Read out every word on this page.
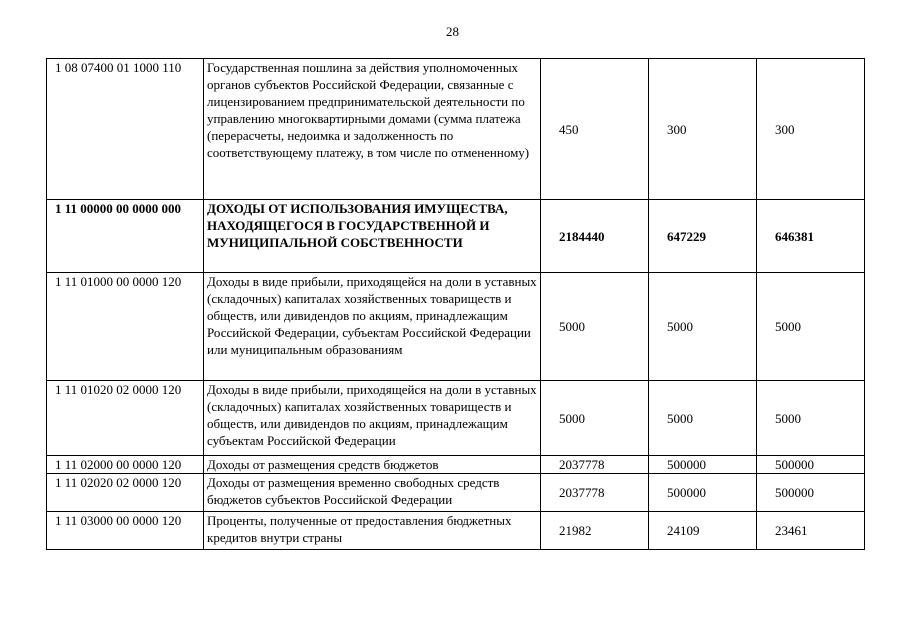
28
1 08 07400 01 1000 110	Государственная пошлина за действия уполномоченных органов субъектов Российской Федерации, связанные с лицензированием предпринимательской деятельности по управлению многоквартирными домами (сумма платежа (перерасчеты, недоимка и задолженность по соответствующему платежу, в том числе по отмененному)	450	300	300
1 11 00000 00 0000 000	ДОХОДЫ ОТ ИСПОЛЬЗОВАНИЯ ИМУЩЕСТВА, НАХОДЯЩЕГОСЯ В ГОСУДАРСТВЕННОЙ И МУНИЦИПАЛЬНОЙ СОБСТВЕННОСТИ	2184440	647229	646381
1 11 01000 00 0000 120	Доходы в виде прибыли, приходящейся на доли в уставных (складочных) капиталах хозяйственных товариществ и обществ, или дивидендов по акциям, принадлежащим Российской Федерации, субъектам Российской Федерации или муниципальным образованиям	5000	5000	5000
1 11 01020 02 0000 120	Доходы в виде прибыли, приходящейся на доли в уставных (складочных) капиталах хозяйственных товариществ и обществ, или дивидендов по акциям, принадлежащим субъектам Российской Федерации	5000	5000	5000
1 11 02000 00 0000 120	Доходы от размещения средств бюджетов	2037778	500000	500000
1 11 02020 02 0000 120	Доходы от размещения временно свободных средств бюджетов субъектов Российской Федерации	2037778	500000	500000
1 11 03000 00 0000 120	Проценты, полученные от предоставления бюджетных кредитов внутри страны	21982	24109	23461
